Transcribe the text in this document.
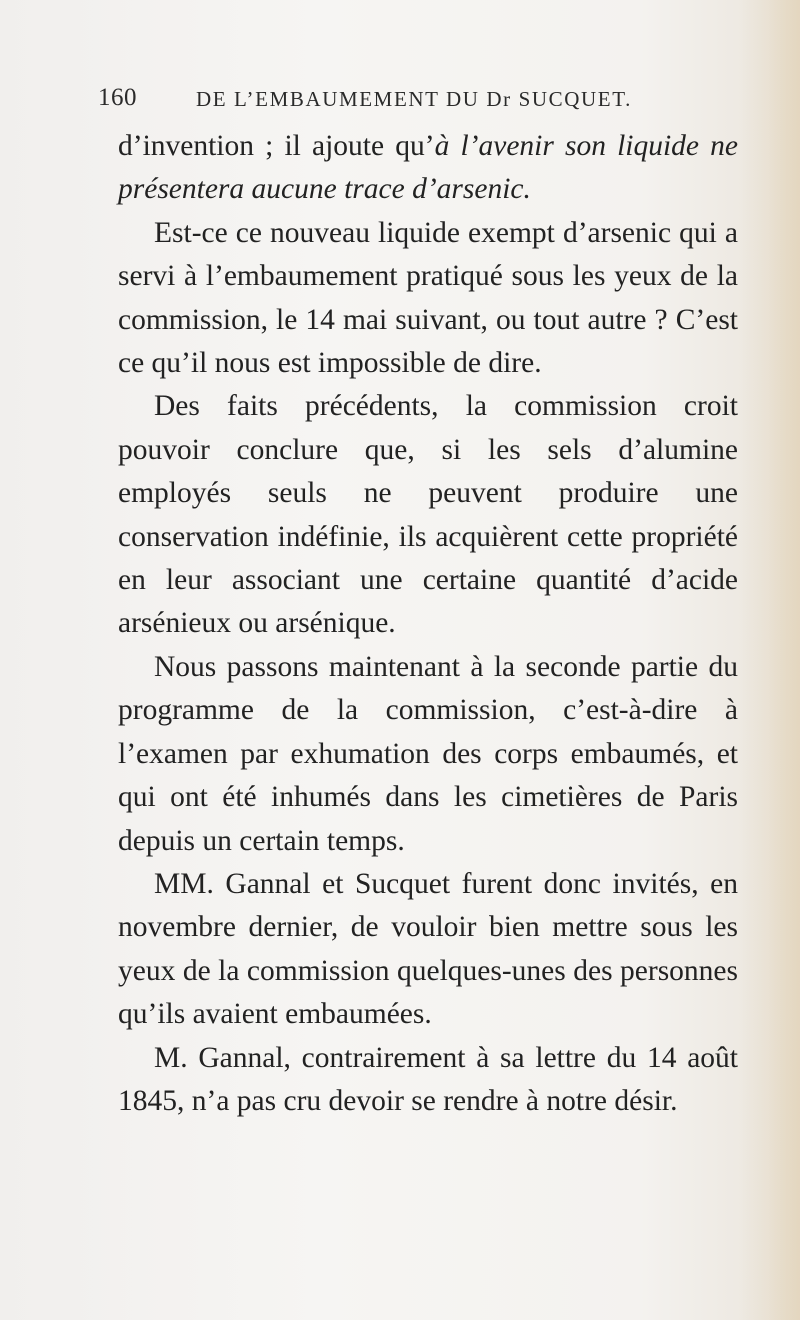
160	DE L’EMBAUMEMENT DU Dr SUCQUET.

d’invention ; il ajoute qu’à l’avenir son liquide ne présentera aucune trace d’arsenic.

Est-ce ce nouveau liquide exempt d’arsenic qui a servi à l’embaumement pratiqué sous les yeux de la commission, le 14 mai suivant, ou tout autre ? C’est ce qu’il nous est impossible de dire.

Des faits précédents, la commission croit pouvoir conclure que, si les sels d’alumine employés seuls ne peuvent produire une conservation indéfinie, ils acquièrent cette propriété en leur associant une certaine quantité d’acide arsénieux ou arsénique.

Nous passons maintenant à la seconde partie du programme de la commission, c’est-à-dire à l’examen par exhumation des corps embaumés, et qui ont été inhumés dans les cimetières de Paris depuis un certain temps.

MM. Gannal et Sucquet furent donc invités, en novembre dernier, de vouloir bien mettre sous les yeux de la commission quelques-unes des personnes qu’ils avaient embaumées.

M. Gannal, contrairement à sa lettre du 14 août 1845, n’a pas cru devoir se rendre à notre désir.
